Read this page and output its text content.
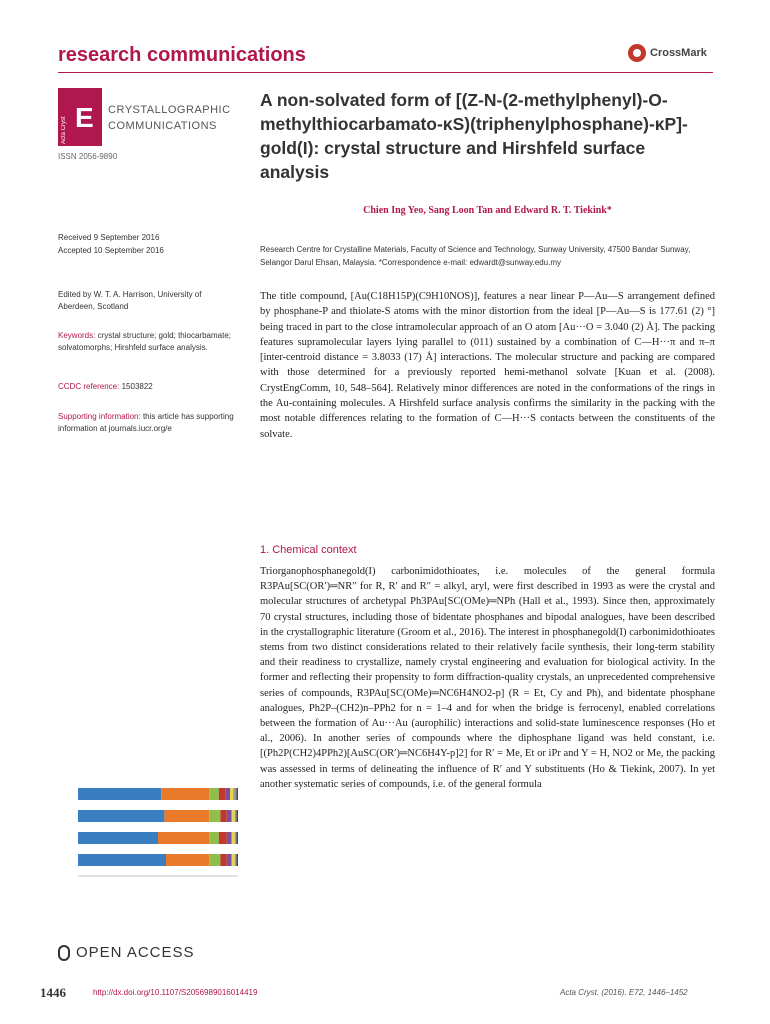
research communications	CrossMark
Acta Cryst E CRYSTALLOGRAPHIC
COMMUNICATIONS
ISSN 2056-9890
A non-solvated form of [(Z-N-(2-methylphenyl)-O-methylthiocarbamato-κS)(triphenylphosphane)-κP]-gold(I): crystal structure and Hirshfeld surface analysis
Chien Ing Yeo, Sang Loon Tan and Edward R. T. Tiekink*
Received 9 September 2016
Accepted 10 September 2016
Edited by W. T. A. Harrison, University of Aberdeen, Scotland
Keywords: crystal structure; gold; thiocarbamate; solvatomorphs; Hirshfeld surface analysis.
CCDC reference: 1503822
Supporting information: this article has supporting information at journals.iucr.org/e
Research Centre for Crystalline Materials, Faculty of Science and Technology, Sunway University, 47500 Bandar Sunway, Selangor Darul Ehsan, Malaysia. *Correspondence e-mail: edwardt@sunway.edu.my
The title compound, [Au(C18H15P)(C9H10NOS)], features a near linear P—Au—S arrangement defined by phosphane-P and thiolate-S atoms with the minor distortion from the ideal [P—Au—S is 177.61 (2) °] being traced in part to the close intramolecular approach of an O atom [Au···O = 3.040 (2) Å]. The packing features supramolecular layers lying parallel to (011) sustained by a combination of C—H···π and π–π [inter-centroid distance = 3.8033 (17) Å] interactions. The molecular structure and packing are compared with those determined for a previously reported hemi-methanol solvate [Kuan et al. (2008). CrystEngComm, 10, 548–564]. Relatively minor differences are noted in the conformations of the rings in the Au-containing molecules. A Hirshfeld surface analysis confirms the similarity in the packing with the most notable differences relating to the formation of C—H···S contacts between the constituents of the solvate.
1. Chemical context
Triorganophosphanegold(I) carbonimidothioates, i.e. molecules of the general formula R3PAu[SC(OR′)═NR″ for R, R′ and R″ = alkyl, aryl, were first described in 1993 as were the crystal and molecular structures of archetypal Ph3PAu[SC(OMe)═NPh (Hall et al., 1993). Since then, approximately 70 crystal structures, including those of bidentate phosphanes and bipodal analogues, have been described in the crystallographic literature (Groom et al., 2016). The interest in phosphanegold(I) carbonimidothioates stems from two distinct considerations related to their relatively facile synthesis, their long-term stability and their readiness to crystallize, namely crystal engineering and evaluation for biological activity. In the former and reflecting their propensity to form diffraction-quality crystals, an unprecedented comprehensive series of compounds, R3PAu[SC(OMe)═NC6H4NO2-p] (R = Et, Cy and Ph), and bidentate phosphane analogues, Ph2P–(CH2)n–PPh2 for n = 1–4 and for when the bridge is ferrocenyl, enabled correlations between the formation of Au···Au (aurophilic) interactions and solid-state luminescence responses (Ho et al., 2006). In another series of compounds where the diphosphane ligand was held constant, i.e. [(Ph2P(CH2)4PPh2)[AuSC(OR′)═NC6H4Y-p]2] for R′ = Me, Et or iPr and Y = H, NO2 or Me, the packing was assessed in terms of delineating the influence of R′ and Y substituents (Ho & Tiekink, 2007). In yet another systematic series of compounds, i.e. of the general formula
OPEN ACCESS
1446	http://dx.doi.org/10.1107/S2056989016014419	Acta Cryst. (2016). E72, 1446–1452
